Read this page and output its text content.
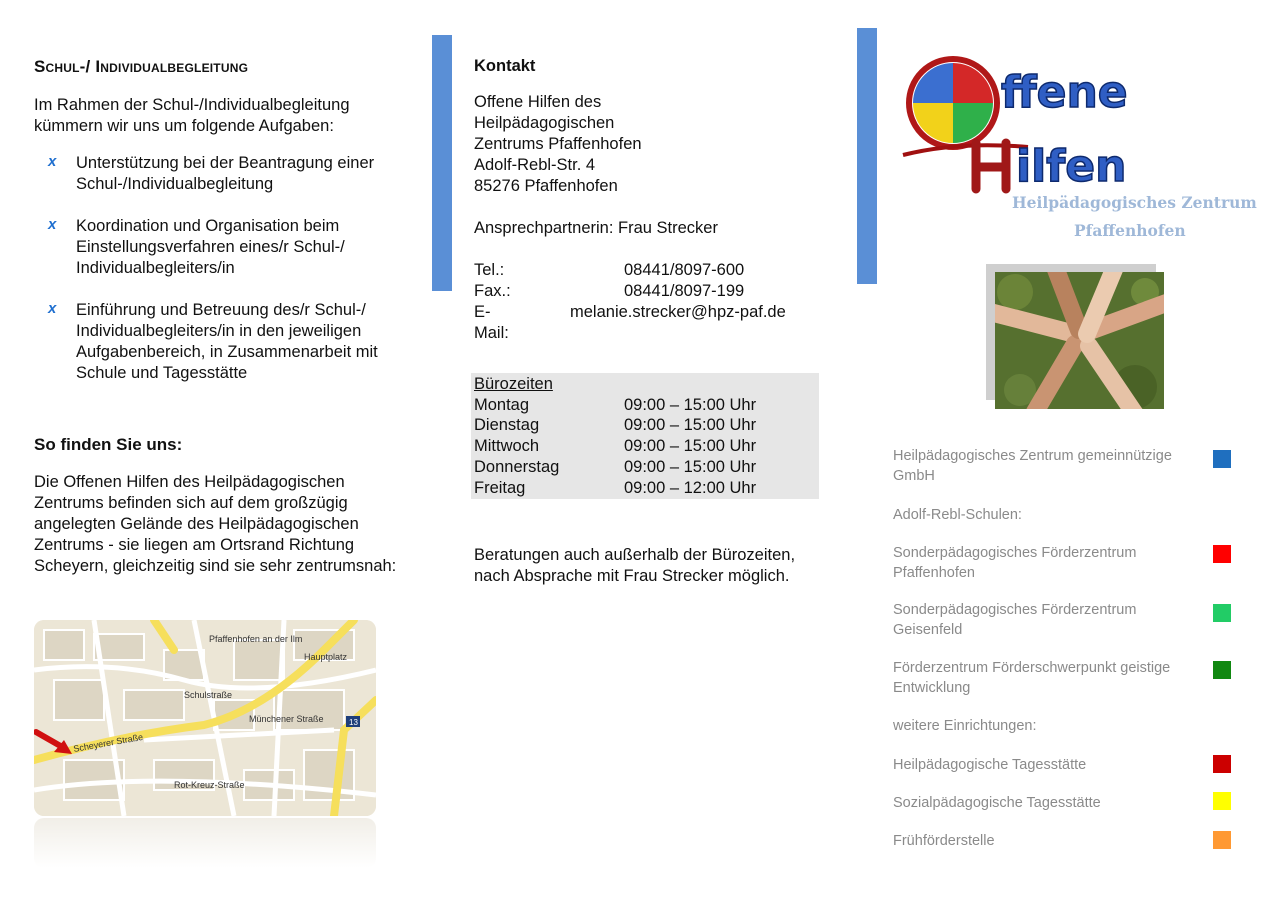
Schul-/ Individualbegleitung
Im Rahmen der Schul-/Individualbegleitung kümmern wir uns um folgende Aufgaben:
x Unterstützung bei der Beantragung einer Schul-/Individualbegleitung
x Koordination und Organisation beim Einstellungsverfahren eines/r Schul-/ Individualbegleiters/in
x Einführung und Betreuung des/r Schul-/ Individualbegleiters/in in den jeweiligen Aufgabenbereich, in Zusammenarbeit mit Schule und Tagesstätte
So finden Sie uns:
Die Offenen Hilfen des Heilpädagogischen Zentrums befinden sich auf dem großzügig angelegten Gelände des Heilpädagogischen Zentrums - sie liegen am Ortsrand Richtung Scheyern, gleichzeitig sind sie sehr zentrumsnah:
Pfaffenhofen an der Ilm
Scheyerer Straße
Schulstraße
Hauptplatz
Rot-Kreuz-Straße
Münchener Straße	13
Kontakt
Offene Hilfen des
Heilpädagogischen
Zentrums Pfaffenhofen
Adolf-Rebl-Str. 4
85276 Pfaffenhofen
Ansprechpartnerin: Frau Strecker
Tel.:	08441/8097-600
Fax.:	08441/8097-199
E-Mail:
melanie.strecker@hpz-paf.de
Bürozeiten
Montag	09:00 – 15:00 Uhr
Dienstag	09:00 – 15:00 Uhr
Mittwoch	09:00 – 15:00 Uhr
Donnerstag	09:00 – 15:00 Uhr
Freitag	09:00 – 12:00 Uhr
Beratungen auch außerhalb der Bürozeiten, nach Absprache mit Frau Strecker möglich.
ffene
ilfen
Heilpädagogisches Zentrum
Pfaffenhofen
Heilpädagogisches Zentrum gemeinnützige GmbH
Adolf-Rebl-Schulen:
Sonderpädagogisches Förderzentrum Pfaffenhofen
Sonderpädagogisches Förderzentrum Geisenfeld
Förderzentrum Förderschwerpunkt geistige Entwicklung
weitere Einrichtungen:
Heilpädagogische Tagesstätte
Sozialpädagogische Tagesstätte
Frühförderstelle
